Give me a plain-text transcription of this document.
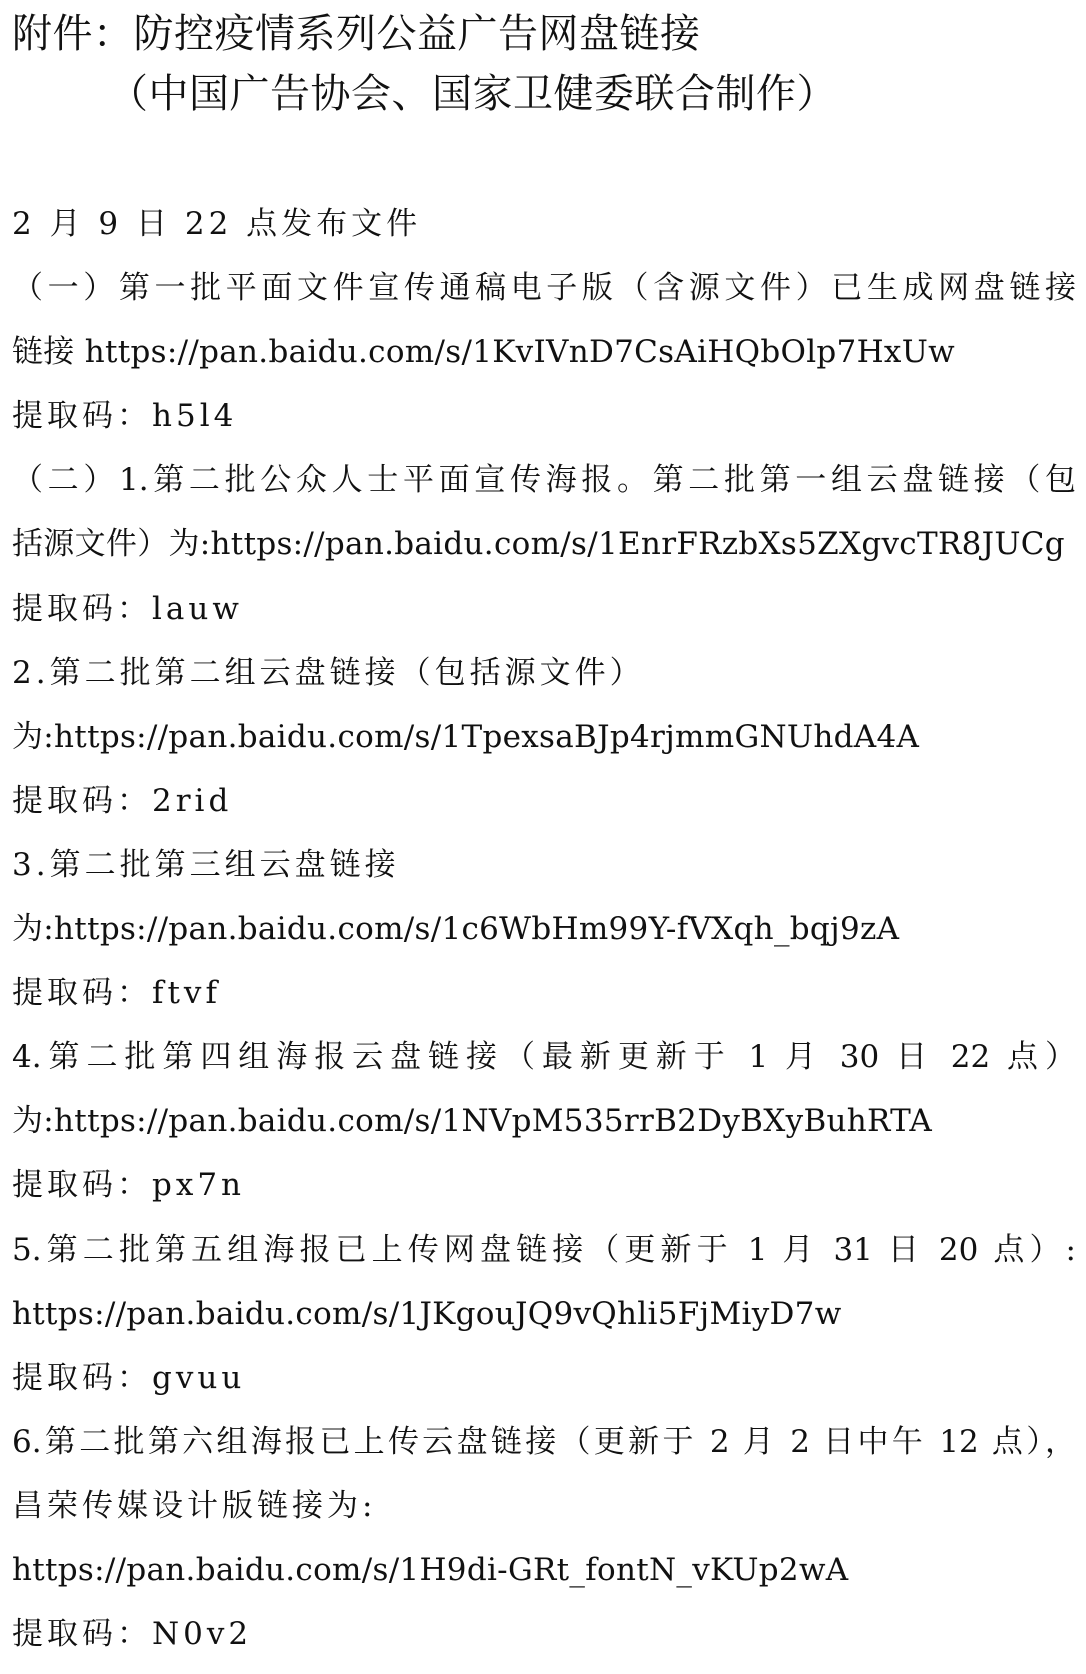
附件：防控疫情系列公益广告网盘链接
（中国广告协会、国家卫健委联合制作）
2 月 9 日 22 点发布文件
（一）第一批平面文件宣传通稿电子版（含源文件）已生成网盘链接
链接 https://pan.baidu.com/s/1KvIVnD7CsAiHQbOlp7HxUw
提取码：h5l4
（二）1.第二批公众人士平面宣传海报。第二批第一组云盘链接（包
括源文件）为:https://pan.baidu.com/s/1EnrFRzbXs5ZXgvcTR8JUCg
提取码：lauw
2.第二批第二组云盘链接（包括源文件）
为:https://pan.baidu.com/s/1TpexsaBJp4rjmmGNUhdA4A
提取码：2rid
3.第二批第三组云盘链接
为:https://pan.baidu.com/s/1c6WbHm99Y-fVXqh_bqj9zA
提取码：ftvf
4.第二批第四组海报云盘链接（最新更新于 1 月 30 日 22 点）
为:https://pan.baidu.com/s/1NVpM535rrB2DyBXyBuhRTA
提取码：px7n
5.第二批第五组海报已上传网盘链接（更新于 1 月 31 日 20 点）:
https://pan.baidu.com/s/1JKgouJQ9vQhli5FjMiyD7w
提取码：gvuu
6.第二批第六组海报已上传云盘链接（更新于 2 月 2 日中午 12 点），
昌荣传媒设计版链接为:
https://pan.baidu.com/s/1H9di-GRt_fontN_vKUp2wA
提取码：N0v2
